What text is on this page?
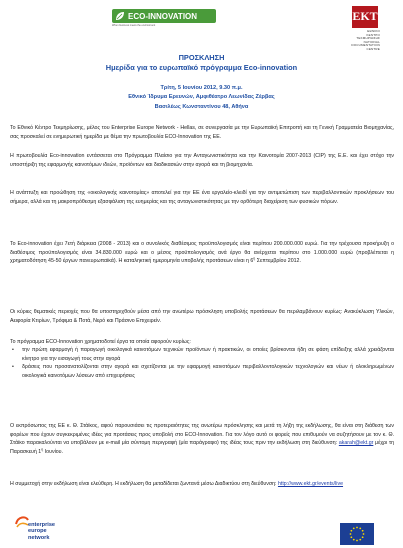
ECO-INNOVATION
When business meets the environment
ΕΚΤ
ΕΘΝΙΚΟ
ΚΕΝΤΡΟ
ΤΕΚΜΗΡΙΩΣΗΣ
NATIONAL
DOCUMENTATION
CENTRE
ΠΡΟΣΚΛΗΣΗ
Ημερίδα για το ευρωπαϊκό πρόγραμμα Eco-innovation
Τρίτη, 5 Ιουνίου 2012, 9.30 π.μ.
Εθνικό Ίδρυμα Ερευνών, Αμφιθέατρο Λεωνίδας Ζέρβας
Βασιλέως Κωνσταντίνου 48, Αθήνα

Το Εθνικό Κέντρο Τεκμηρίωσης, μέλος του Enterprise Europe Network - Hellas, σε συνεργασία με την Ευρωπαϊκή Επιτροπή και τη Γενική Γραμματεία Βιομηχανίας, σας προσκαλεί σε ενημερωτική ημερίδα με θέμα την πρωτοβουλία ECO-Innovation της ΕΕ.

Η πρωτοβουλία Eco-innovation εντάσσεται στο Πρόγραμμα Πλαίσιο για την Ανταγωνιστικότητα και την Καινοτομία 2007-2013 (CIP) της Ε.Ε. και έχει στόχο την υποστήριξη της εφαρμογής καινοτόμων ιδεών, προϊόντων και διαδικασιών στην αγορά και τη βιομηχανία.

Η ανάπτυξη και προώθηση της «οικολογικής καινοτομίας» αποτελεί για την ΕΕ ένα εργαλείο-κλειδί για την αντιμετώπιση των περιβαλλοντικών προκλήσεων του σήμερα, αλλά και τη μακροπρόθεσμη εξασφάλιση της ευημερίας και της ανταγωνιστικότητας με την ορθότερη διαχείριση των φυσικών πόρων.

Το Eco-innovation έχει 7ετή διάρκεια (2008 - 2013) και ο συνολικός διαθέσιμος προϋπολογισμός είναι περίπου 200.000.000 ευρώ. Για την τρέχουσα προκήρυξη ο διαθέσιμος προϋπολογισμός είναι 34.830.000 ευρώ και ο μέσος προϋπολογισμός ανά έργο θα ανέρχεται περίπου στο 1.000.000 ευρώ (προβλέπεται η χρηματοδότηση 45-50 έργων πανευρωπαϊκά). Η καταληκτική ημερομηνία υποβολής προτάσεων είναι η $6^\eta$ Σεπτεμβρίου 2012.

Οι κύριες θεματικές περιοχές που θα υποστηριχθούν μέσα από την ανωτέρω πρόσκληση υποβολής προτάσεων θα περιλαμβάνουν κυρίως: Ανακύκλωση Υλικών, Αειφορία Κτιρίων, Τρόφιμα & Ποτά, Νερό και Πράσινο Επιχειρείν.

Το πρόγραμμα ECO-Innovation χρηματοδοτεί έργα τα οποία αφορούν κυρίως:

• την πρώτη εφαρμογή ή παραγωγή οικολογικά καινοτόμων τεχνικών προϊόντων ή πρακτικών, οι οποίες βρίσκονται ήδη σε φάση επίδειξης αλλά χρειάζονται κίνητρο για την εισαγωγή τους στην αγορά
• δράσεις που προσανατολίζονται στην αγορά και σχετίζονται με την εφαρμογή καινοτόμων περιβαλλοντολογικών τεχνολογιών και νέων ή ολοκληρωμένων οικολογικά καινοτόμων λύσεων από επιχειρήσεις

Ο εκπρόσωπος της ΕΕ κ. Θ. Στάϊκος, αφού παρουσιάσει τις προτεραιότητες της ανωτέρω πρόσκλησης και μετά τη λήξη της εκδήλωσης, θα είναι στη διάθεση των φορέων που έχουν συγκεκριμένες ιδέες για προτάσεις προς υποβολή στο ECO-Innovation. Για τον λόγο αυτό οι φορείς που επιθυμούν να συζητήσουν με τον κ. Θ. Στάϊκο παρακαλούνται να υποβάλουν με e-mail μία σύντομη περιγραφή (μία παράγραφο) της ιδέας τους πριν την εκδήλωση στη διεύθυνση: akarah@ekt.gr μέχρι τη Παρασκευή $1^\eta$ Ιουνίου.

Η συμμετοχή στην εκδήλωση είναι ελεύθερη. Η εκδήλωση θα μεταδίδεται ζωντανά μέσω Διαδικτύου στη διεύθυνση: http://www.ekt.gr/events/live

enterprise
europe
network
